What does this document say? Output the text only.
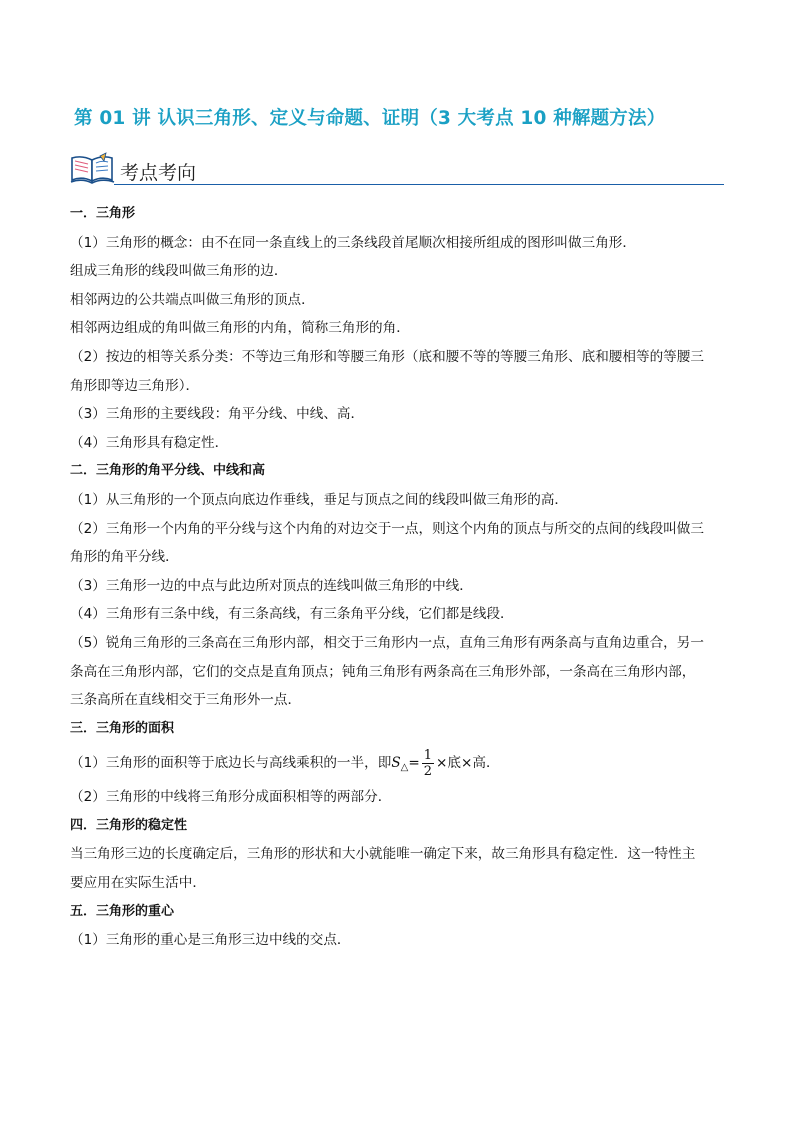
第 01 讲 认识三角形、定义与命题、证明（3 大考点 10 种解题方法）
考点考向
一．三角形
（1）三角形的概念：由不在同一条直线上的三条线段首尾顺次相接所组成的图形叫做三角形．
组成三角形的线段叫做三角形的边．
相邻两边的公共端点叫做三角形的顶点．
相邻两边组成的角叫做三角形的内角，简称三角形的角．
（2）按边的相等关系分类：不等边三角形和等腰三角形（底和腰不等的等腰三角形、底和腰相等的等腰三
角形即等边三角形）．
（3）三角形的主要线段：角平分线、中线、高．
（4）三角形具有稳定性．
二．三角形的角平分线、中线和高
（1）从三角形的一个顶点向底边作垂线，垂足与顶点之间的线段叫做三角形的高．
（2）三角形一个内角的平分线与这个内角的对边交于一点，则这个内角的顶点与所交的点间的线段叫做三
角形的角平分线．
（3）三角形一边的中点与此边所对顶点的连线叫做三角形的中线．
（4）三角形有三条中线，有三条高线，有三条角平分线，它们都是线段．
（5）锐角三角形的三条高在三角形内部，相交于三角形内一点，直角三角形有两条高与直角边重合，另一
条高在三角形内部，它们的交点是直角顶点；钝角三角形有两条高在三角形外部，一条高在三角形内部，
三条高所在直线相交于三角形外一点．
三．三角形的面积
（1）三角形的面积等于底边长与高线乘积的一半，即$S_\triangle= \frac{1}{2}$ ×底×高．
（2）三角形的中线将三角形分成面积相等的两部分．
四．三角形的稳定性
当三角形三边的长度确定后，三角形的形状和大小就能唯一确定下来，故三角形具有稳定性．这一特性主
要应用在实际生活中．
五．三角形的重心
（1）三角形的重心是三角形三边中线的交点．
